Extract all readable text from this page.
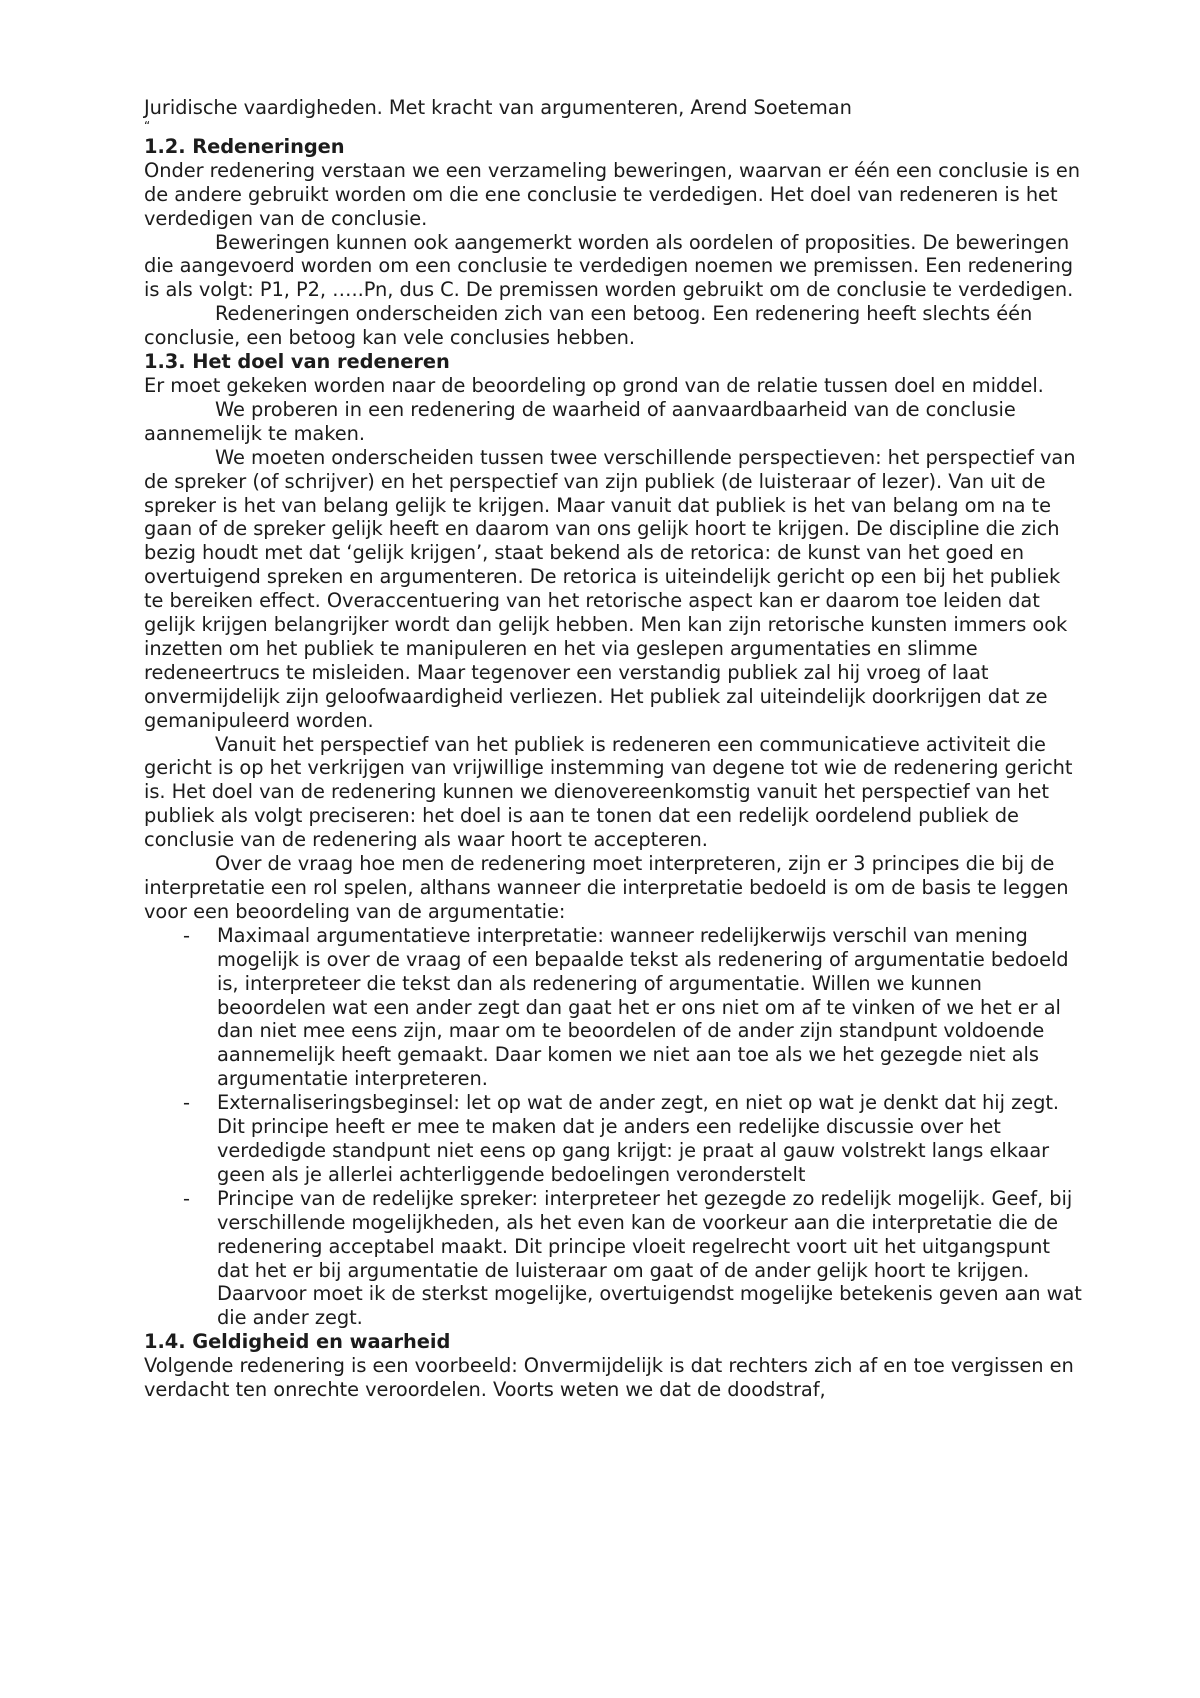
Juridische vaardigheden. Met kracht van argumenteren, Arend Soeteman
“
1.2. Redeneringen

Onder redenering verstaan we een verzameling beweringen, waarvan er één een conclusie is en de andere gebruikt worden om die ene conclusie te verdedigen. Het doel van redeneren is het verdedigen van de conclusie.

Beweringen kunnen ook aangemerkt worden als oordelen of proposities. De beweringen die aangevoerd worden om een conclusie te verdedigen noemen we premissen. Een redenering is als volgt: P1, P2, …..Pn, dus C. De premissen worden gebruikt om de conclusie te verdedigen.

Redeneringen onderscheiden zich van een betoog. Een redenering heeft slechts één conclusie, een betoog kan vele conclusies hebben.

1.3. Het doel van redeneren

Er moet gekeken worden naar de beoordeling op grond van de relatie tussen doel en middel.

We proberen in een redenering de waarheid of aanvaardbaarheid van de conclusie aannemelijk te maken.

We moeten onderscheiden tussen twee verschillende perspectieven: het perspectief van de spreker (of schrijver) en het perspectief van zijn publiek (de luisteraar of lezer). Van uit de spreker is het van belang gelijk te krijgen. Maar vanuit dat publiek is het van belang om na te gaan of de spreker gelijk heeft en daarom van ons gelijk hoort te krijgen. De discipline die zich bezig houdt met dat ‘gelijk krijgen’, staat bekend als de retorica: de kunst van het goed en overtuigend spreken en argumenteren. De retorica is uiteindelijk gericht op een bij het publiek te bereiken effect. Overaccentuering van het retorische aspect kan er daarom toe leiden dat gelijk krijgen belangrijker wordt dan gelijk hebben. Men kan zijn retorische kunsten immers ook inzetten om het publiek te manipuleren en het via geslepen argumentaties en slimme redeneertrucs te misleiden. Maar tegenover een verstandig publiek zal hij vroeg of laat onvermijdelijk zijn geloofwaardigheid verliezen. Het publiek zal uiteindelijk doorkrijgen dat ze gemanipuleerd worden.

Vanuit het perspectief van het publiek is redeneren een communicatieve activiteit die gericht is op het verkrijgen van vrijwillige instemming van degene tot wie de redenering gericht is. Het doel van de redenering kunnen we dienovereenkomstig vanuit het perspectief van het publiek als volgt preciseren: het doel is aan te tonen dat een redelijk oordelend publiek de conclusie van de redenering als waar hoort te accepteren.

Over de vraag hoe men de redenering moet interpreteren, zijn er 3 principes die bij de interpretatie een rol spelen, althans wanneer die interpretatie bedoeld is om de basis te leggen voor een beoordeling van de argumentatie:

- Maximaal argumentatieve interpretatie: wanneer redelijkerwijs verschil van mening mogelijk is over de vraag of een bepaalde tekst als redenering of argumentatie bedoeld is, interpreteer die tekst dan als redenering of argumentatie. Willen we kunnen beoordelen wat een ander zegt dan gaat het er ons niet om af te vinken of we het er al dan niet mee eens zijn, maar om te beoordelen of de ander zijn standpunt voldoende aannemelijk heeft gemaakt. Daar komen we niet aan toe als we het gezegde niet als argumentatie interpreteren.
- Externaliseringsbeginsel: let op wat de ander zegt, en niet op wat je denkt dat hij zegt. Dit principe heeft er mee te maken dat je anders een redelijke discussie over het verdedigde standpunt niet eens op gang krijgt: je praat al gauw volstrekt langs elkaar geen als je allerlei achterliggende bedoelingen veronderstelt
- Principe van de redelijke spreker: interpreteer het gezegde zo redelijk mogelijk. Geef, bij verschillende mogelijkheden, als het even kan de voorkeur aan die interpretatie die de redenering acceptabel maakt. Dit principe vloeit regelrecht voort uit het uitgangspunt dat het er bij argumentatie de luisteraar om gaat of de ander gelijk hoort te krijgen. Daarvoor moet ik de sterkst mogelijke, overtuigendst mogelijke betekenis geven aan wat die ander zegt.
1.4. Geldigheid en waarheid

Volgende redenering is een voorbeeld: Onvermijdelijk is dat rechters zich af en toe vergissen en verdacht ten onrechte veroordelen. Voorts weten we dat de doodstraf,
